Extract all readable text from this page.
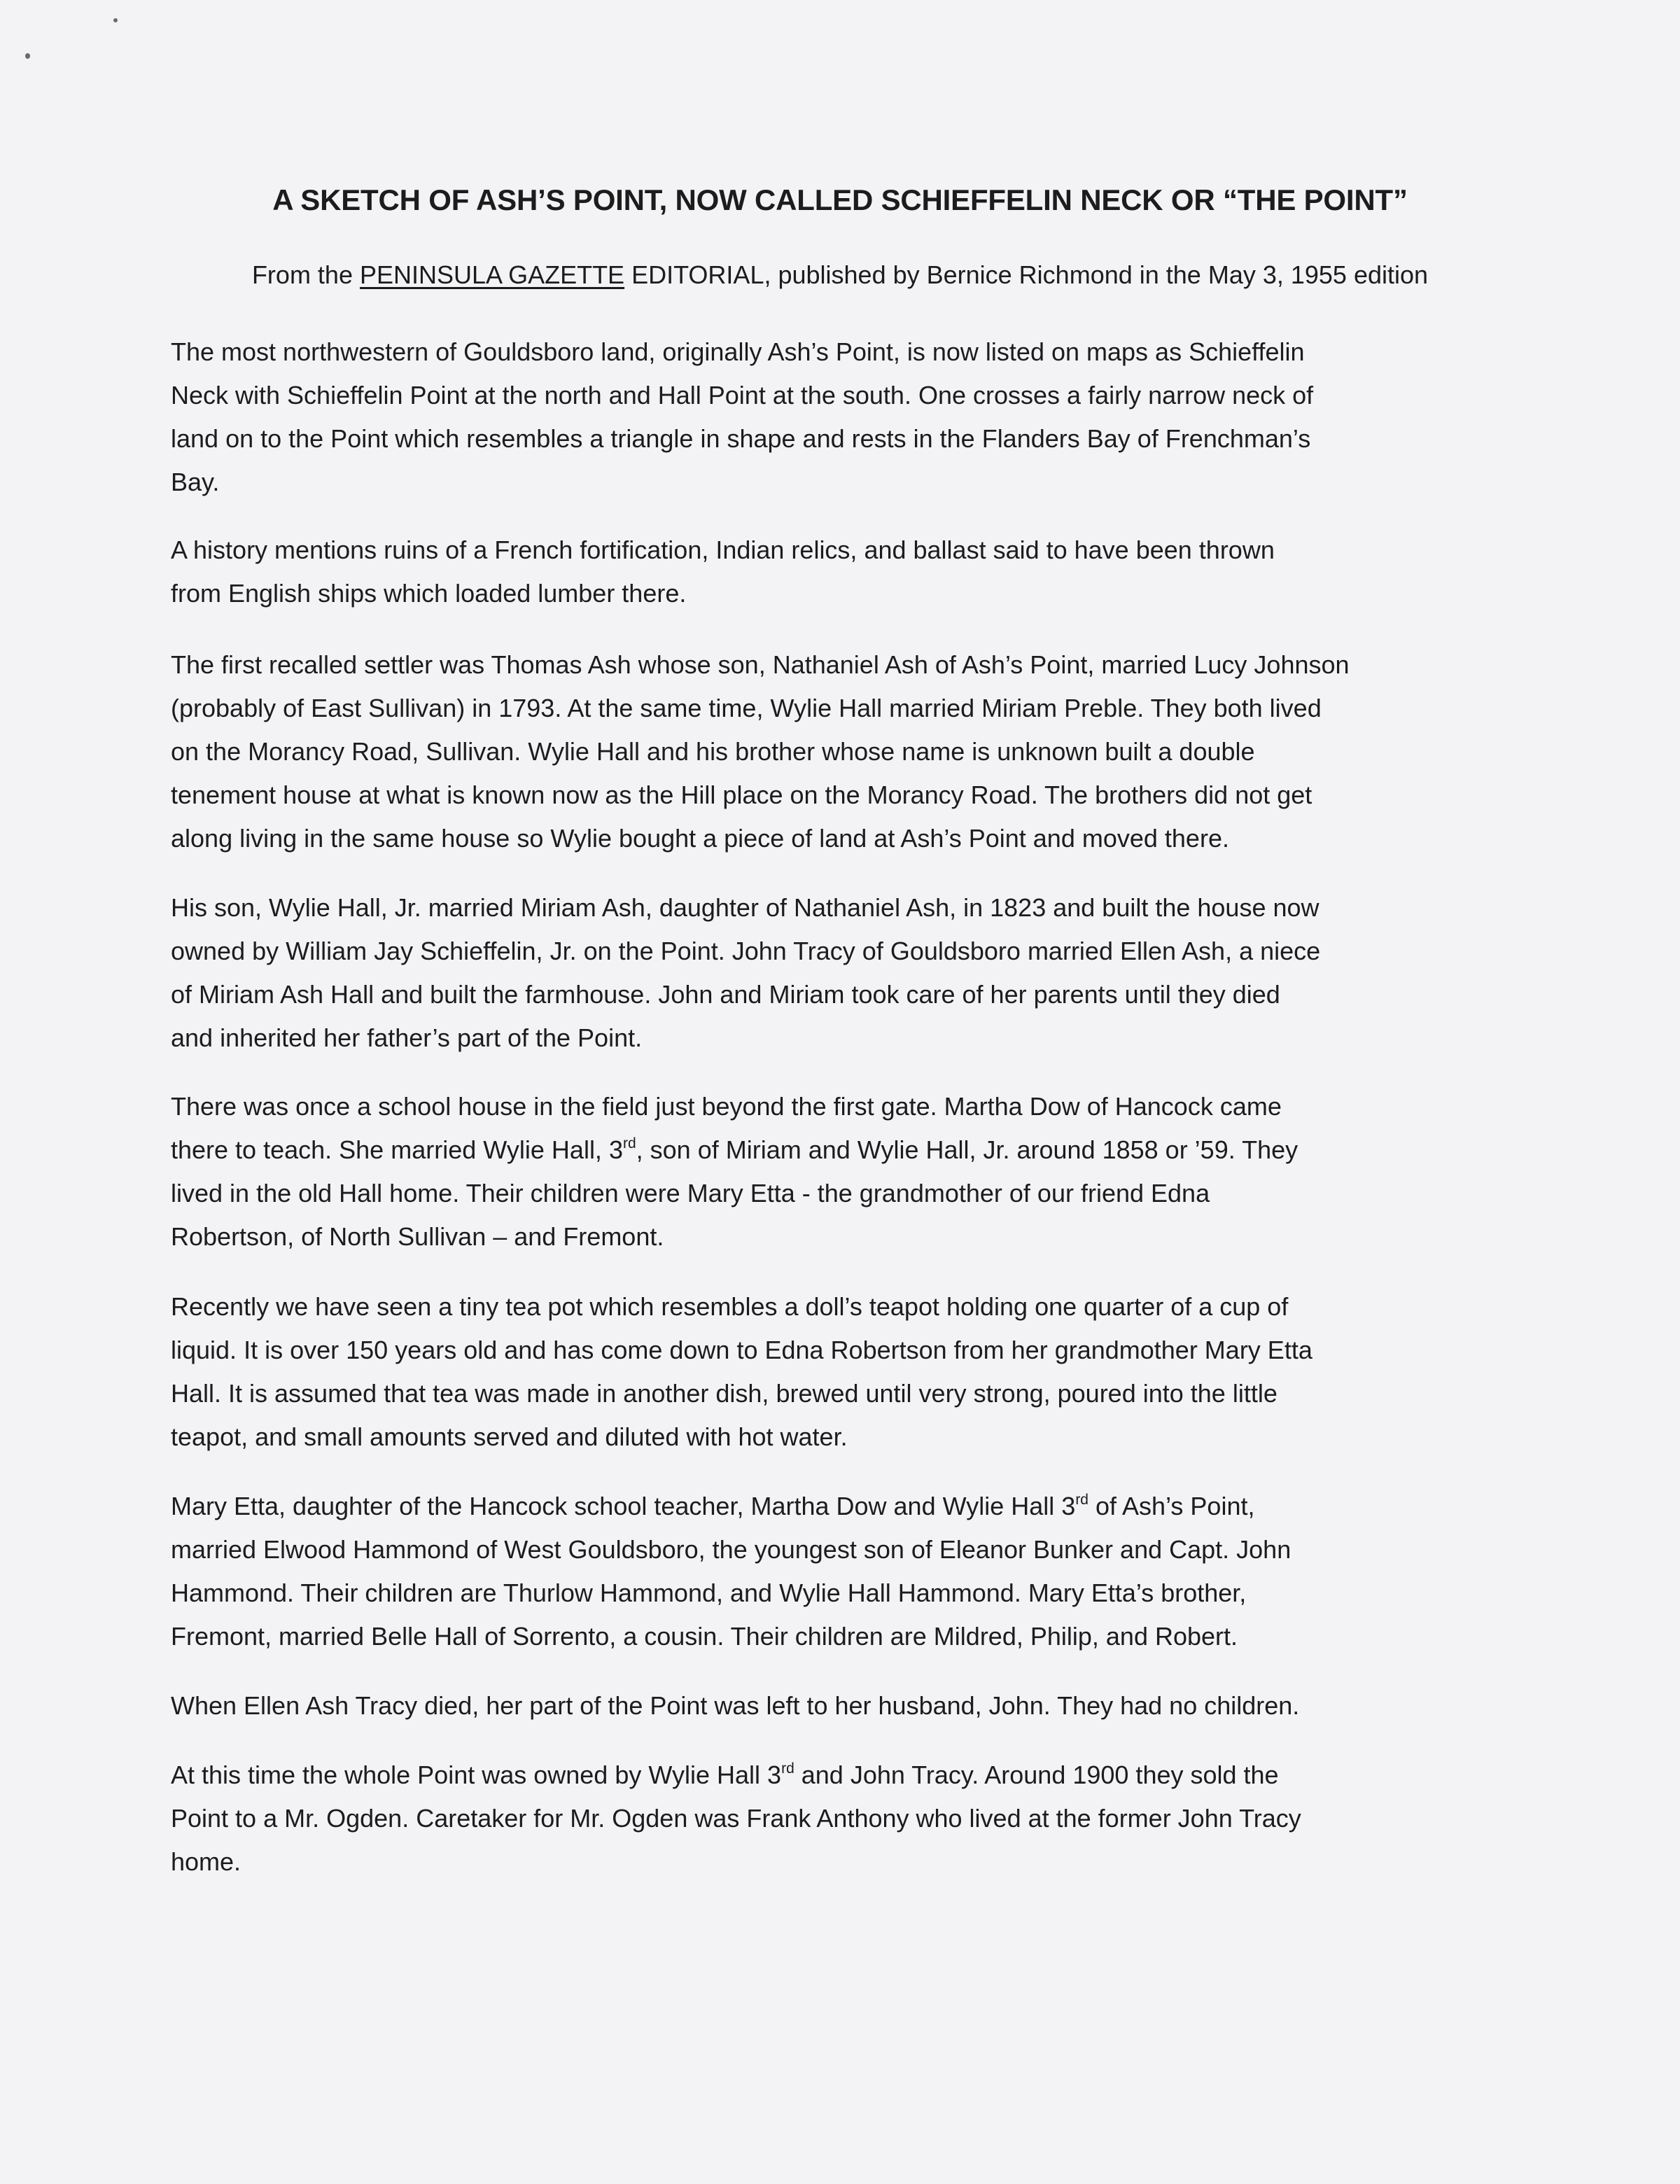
A SKETCH OF ASH’S POINT, NOW CALLED SCHIEFFELIN NECK OR “THE POINT”

From the PENINSULA GAZETTE EDITORIAL, published by Bernice Richmond in the May 3, 1955 edition

The most northwestern of Gouldsboro land, originally Ash’s Point, is now listed on maps as Schieffelin
Neck with Schieffelin Point at the north and Hall Point at the south. One crosses a fairly narrow neck of
land on to the Point which resembles a triangle in shape and rests in the Flanders Bay of Frenchman’s
Bay.

A history mentions ruins of a French fortification, Indian relics, and ballast said to have been thrown
from English ships which loaded lumber there.

The first recalled settler was Thomas Ash whose son, Nathaniel Ash of Ash’s Point, married Lucy Johnson
(probably of East Sullivan) in 1793. At the same time, Wylie Hall married Miriam Preble. They both lived
on the Morancy Road, Sullivan. Wylie Hall and his brother whose name is unknown built a double
tenement house at what is known now as the Hill place on the Morancy Road. The brothers did not get
along living in the same house so Wylie bought a piece of land at Ash’s Point and moved there.

His son, Wylie Hall, Jr. married Miriam Ash, daughter of Nathaniel Ash, in 1823 and built the house now
owned by William Jay Schieffelin, Jr. on the Point. John Tracy of Gouldsboro married Ellen Ash, a niece
of Miriam Ash Hall and built the farmhouse. John and Miriam took care of her parents until they died
and inherited her father’s part of the Point.

There was once a school house in the field just beyond the first gate. Martha Dow of Hancock came
there to teach. She married Wylie Hall, 3rd, son of Miriam and Wylie Hall, Jr. around 1858 or ’59. They
lived in the old Hall home. Their children were Mary Etta - the grandmother of our friend Edna
Robertson, of North Sullivan – and Fremont.

Recently we have seen a tiny tea pot which resembles a doll’s teapot holding one quarter of a cup of
liquid. It is over 150 years old and has come down to Edna Robertson from her grandmother Mary Etta
Hall. It is assumed that tea was made in another dish, brewed until very strong, poured into the little
teapot, and small amounts served and diluted with hot water.

Mary Etta, daughter of the Hancock school teacher, Martha Dow and Wylie Hall 3rd of Ash’s Point,
married Elwood Hammond of West Gouldsboro, the youngest son of Eleanor Bunker and Capt. John
Hammond. Their children are Thurlow Hammond, and Wylie Hall Hammond. Mary Etta’s brother,
Fremont, married Belle Hall of Sorrento, a cousin. Their children are Mildred, Philip, and Robert.

When Ellen Ash Tracy died, her part of the Point was left to her husband, John. They had no children.

At this time the whole Point was owned by Wylie Hall 3rd and John Tracy. Around 1900 they sold the
Point to a Mr. Ogden. Caretaker for Mr. Ogden was Frank Anthony who lived at the former John Tracy
home.
